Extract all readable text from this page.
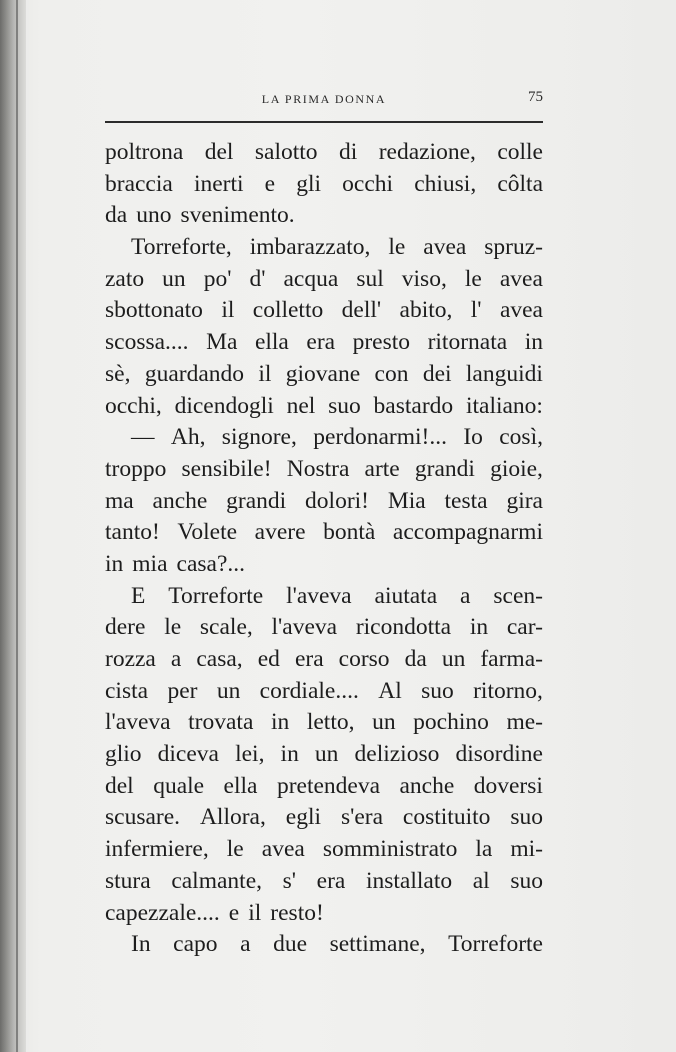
LA PRIMA DONNA	75
poltrona del salotto di redazione, colle
braccia inerti e gli occhi chiusi, côlta
da uno svenimento.
Torreforte, imbarazzato, le avea spruz-
zato un po' d' acqua sul viso, le avea
sbottonato il colletto dell' abito, l' avea
scossa.... Ma ella era presto ritornata in
sè, guardando il giovane con dei languidi
occhi, dicendogli nel suo bastardo italiano:
— Ah, signore, perdonarmi!... Io così,
troppo sensibile! Nostra arte grandi gioie,
ma anche grandi dolori! Mia testa gira
tanto! Volete avere bontà accompagnarmi
in mia casa?...
E Torreforte l'aveva aiutata a scen-
dere le scale, l'aveva ricondotta in car-
rozza a casa, ed era corso da un farma-
cista per un cordiale.... Al suo ritorno,
l'aveva trovata in letto, un pochino me-
glio diceva lei, in un delizioso disordine
del quale ella pretendeva anche doversi
scusare. Allora, egli s'era costituito suo
infermiere, le avea somministrato la mi-
stura calmante, s' era installato al suo
capezzale.... e il resto!
In capo a due settimane, Torreforte
